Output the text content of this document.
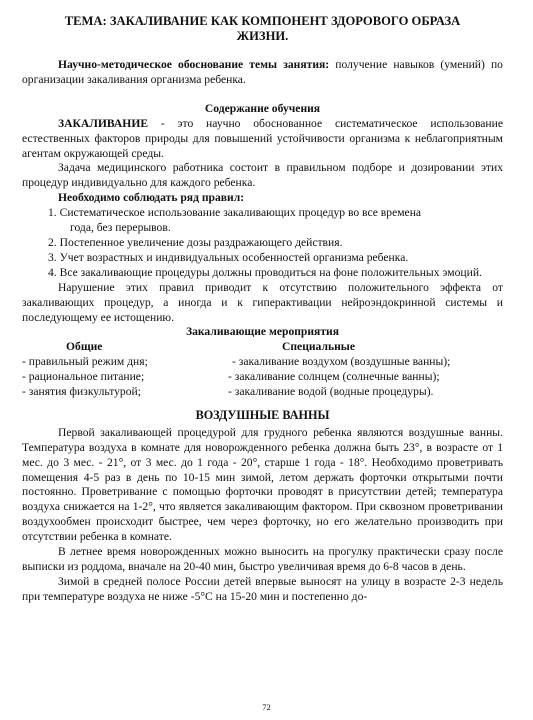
ТЕМА: ЗАКАЛИВАНИЕ КАК КОМПОНЕНТ ЗДОРОВОГО ОБРАЗА
ЖИЗНИ.

Научно-методическое обоснование темы занятия: получение навыков (умений) по организации закаливания организма ребенка.

Содержание обучения

ЗАКАЛИВАНИЕ - это научно обоснованное систематическое использование естественных факторов природы для повышений устойчивости организма к неблагоприятным агентам окружающей среды.

Задача медицинского работника состоит в правильном подборе и дозировании этих процедур индивидуально для каждого ребенка.

Необходимо соблюдать ряд правил:

1. Систематическое использование закаливающих процедур во все времена

года, без перерывов.

2. Постепенное увеличение дозы раздражающего действия.

3. Учет возрастных и индивидуальных особенностей организма ребенка.

4. Все закаливающие процедуры должны проводиться на фоне положительных эмоций.

Нарушение этих правил приводит к отсутствию положительного эффекта от закаливающих процедур, а иногда и к гиперактивации нейроэндокринной системы и последующему ее истощению.

Закаливающие мероприятия

Общие	Специальные
- правильный режим дня;	- закаливание воздухом (воздушные ванны);
- рациональное питание;	- закаливание солнцем (солнечные ванны);
- занятия физкультурой;	- закаливание водой (водные процедуры).

ВОЗДУШНЫЕ ВАННЫ

Первой закаливающей процедурой для грудного ребенка являются воздушные ванны. Температура воздуха в комнате для новорожденного ребенка должна быть 23°, в возрасте от 1 мес. до 3 мес. - 21°, от 3 мес. до 1 года - 20°, старше 1 года - 18°. Необходимо проветривать помещения 4-5 раз в день по 10-15 мин зимой, летом держать форточки открытыми почти постоянно. Проветривание с помощью форточки проводят в присутствии детей; температура воздуха снижается на 1-2°, что является закаливающим фактором. При сквозном проветривании воздухообмен происходит быстрее, чем через форточку, но его желательно производить при отсутствии ребенка в комнате.

В летнее время новорожденных можно выносить на прогулку практически сразу после выписки из роддома, вначале на 20-40 мин, быстро увеличивая время до 6-8 часов в день.

Зимой в средней полосе России детей впервые выносят на улицу в возрасте 2-3 недель при температуре воздуха не ниже -5°С на 15-20 мин и постепенно до-

72
